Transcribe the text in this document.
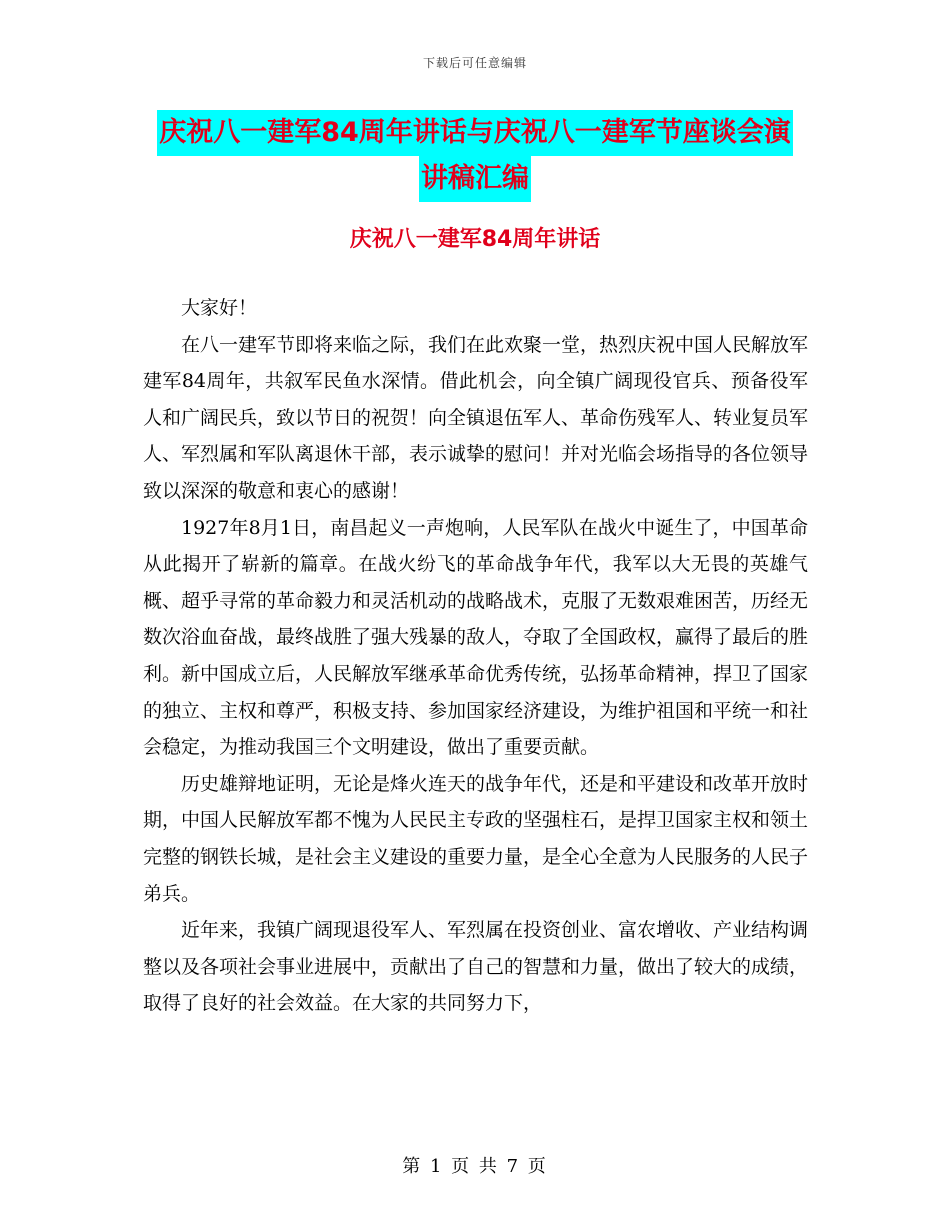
下载后可任意编辑
庆祝八一建军84周年讲话与庆祝八一建军节座谈会演
讲稿汇编
庆祝八一建军84周年讲话

大家好！

在八一建军节即将来临之际，我们在此欢聚一堂，热烈庆祝中国人民解放军建军84周年，共叙军民鱼水深情。借此机会，向全镇广阔现役官兵、预备役军人和广阔民兵，致以节日的祝贺！向全镇退伍军人、革命伤残军人、转业复员军人、军烈属和军队离退休干部，表示诚挚的慰问！并对光临会场指导的各位领导致以深深的敬意和衷心的感谢！

1927年8月1日，南昌起义一声炮响，人民军队在战火中诞生了，中国革命从此揭开了崭新的篇章。在战火纷飞的革命战争年代，我军以大无畏的英雄气概、超乎寻常的革命毅力和灵活机动的战略战术，克服了无数艰难困苦，历经无数次浴血奋战，最终战胜了强大残暴的敌人，夺取了全国政权，赢得了最后的胜利。新中国成立后，人民解放军继承革命优秀传统，弘扬革命精神，捍卫了国家的独立、主权和尊严，积极支持、参加国家经济建设，为维护祖国和平统一和社会稳定，为推动我国三个文明建设，做出了重要贡献。

历史雄辩地证明，无论是烽火连天的战争年代，还是和平建设和改革开放时期，中国人民解放军都不愧为人民民主专政的坚强柱石，是捍卫国家主权和领土完整的钢铁长城，是社会主义建设的重要力量，是全心全意为人民服务的人民子弟兵。

近年来，我镇广阔现退役军人、军烈属在投资创业、富农增收、产业结构调整以及各项社会事业进展中，贡献出了自己的智慧和力量，做出了较大的成绩，取得了良好的社会效益。在大家的共同努力下，

第 1 页 共 7 页
